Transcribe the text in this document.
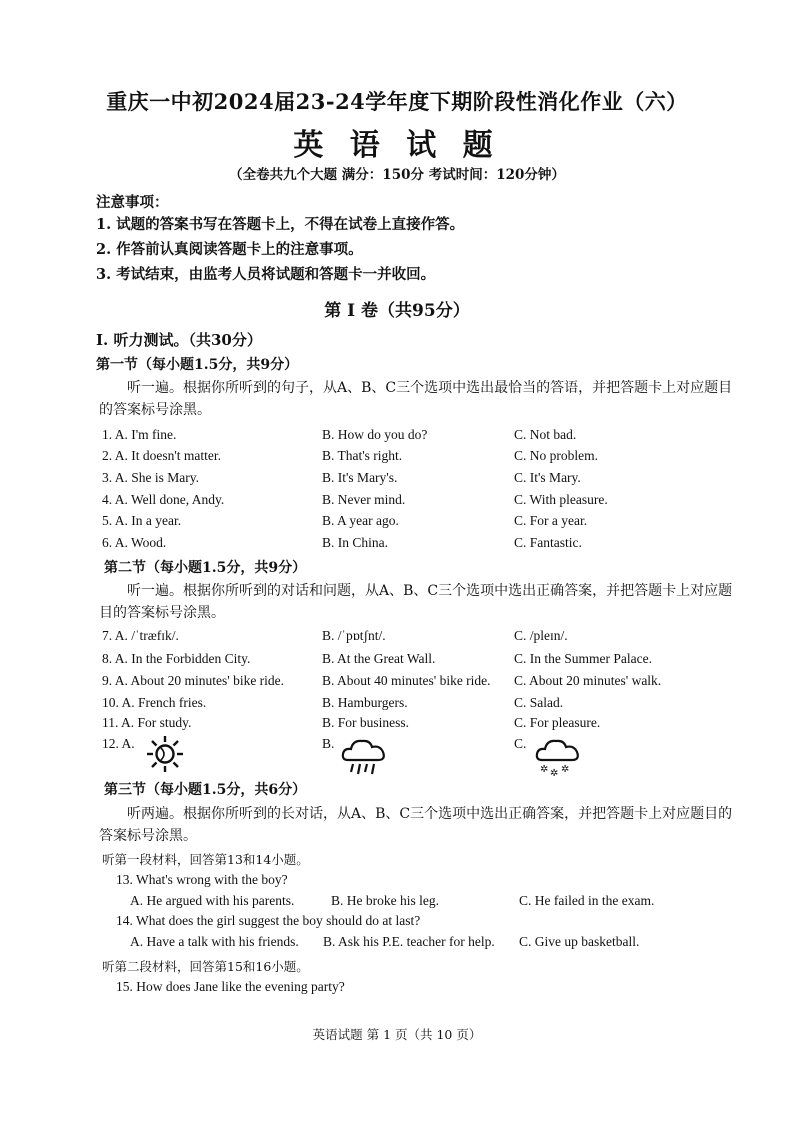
重庆一中初2024届23-24学年度下期阶段性消化作业（六）
英 语 试 题
（全卷共九个大题 满分：150分 考试时间：120分钟）
注意事项：
1. 试题的答案书写在答题卡上，不得在试卷上直接作答。
2. 作答前认真阅读答题卡上的注意事项。
3. 考试结束，由监考人员将试题和答题卡一并收回。
第 I 卷（共95分）
I. 听力测试。（共30分）
第一节（每小题1.5分，共9分）
听一遍。根据你所听到的句子，从A、B、C三个选项中选出最恰当的答语，并把答题卡上对应题目的答案标号涂黑。
1. A. I'm fine.	B. How do you do?	C. Not bad.
2. A. It doesn't matter.	B. That's right.	C. No problem.
3. A. She is Mary.	B. It's Mary's.	C. It's Mary.
4. A. Well done, Andy.	B. Never mind.	C. With pleasure.
5. A. In a year.	B. A year ago.	C. For a year.
6. A. Wood.	B. In China.	C. Fantastic.
第二节（每小题1.5分，共9分）
听一遍。根据你所听到的对话和问题，从A、B、C三个选项中选出正确答案，并把答题卡上对应题目的答案标号涂黑。
7. A. /ˈtræfɪk/.	B. /ˈpɒtʃnt/.	C. /pleɪn/.
8. A. In the Forbidden City.	B. At the Great Wall.	C. In the Summer Palace.
9. A. About 20 minutes' bike ride.	B. About 40 minutes' bike ride. C. About 20 minutes' walk.
10. A. French fries.	B. Hamburgers.	C. Salad.
11. A. For study.	B. For business.	C. For pleasure.
12. A.	B.	C.
✲ ✲ ✲
第三节（每小题1.5分，共6分）
听两遍。根据你所听到的长对话，从A、B、C三个选项中选出正确答案，并把答题卡上对应题目的答案标号涂黑。
听第一段材料，回答第13和14小题。
13. What's wrong with the boy?
A. He argued with his parents.	B. He broke his leg.	C. He failed in the exam.
14. What does the girl suggest the boy should do at last?
A. Have a talk with his friends. B. Ask his P.E. teacher for help. C. Give up basketball.
听第二段材料，回答第15和16小题。
15. How does Jane like the evening party?
英语试题 第 1 页（共 10 页）
